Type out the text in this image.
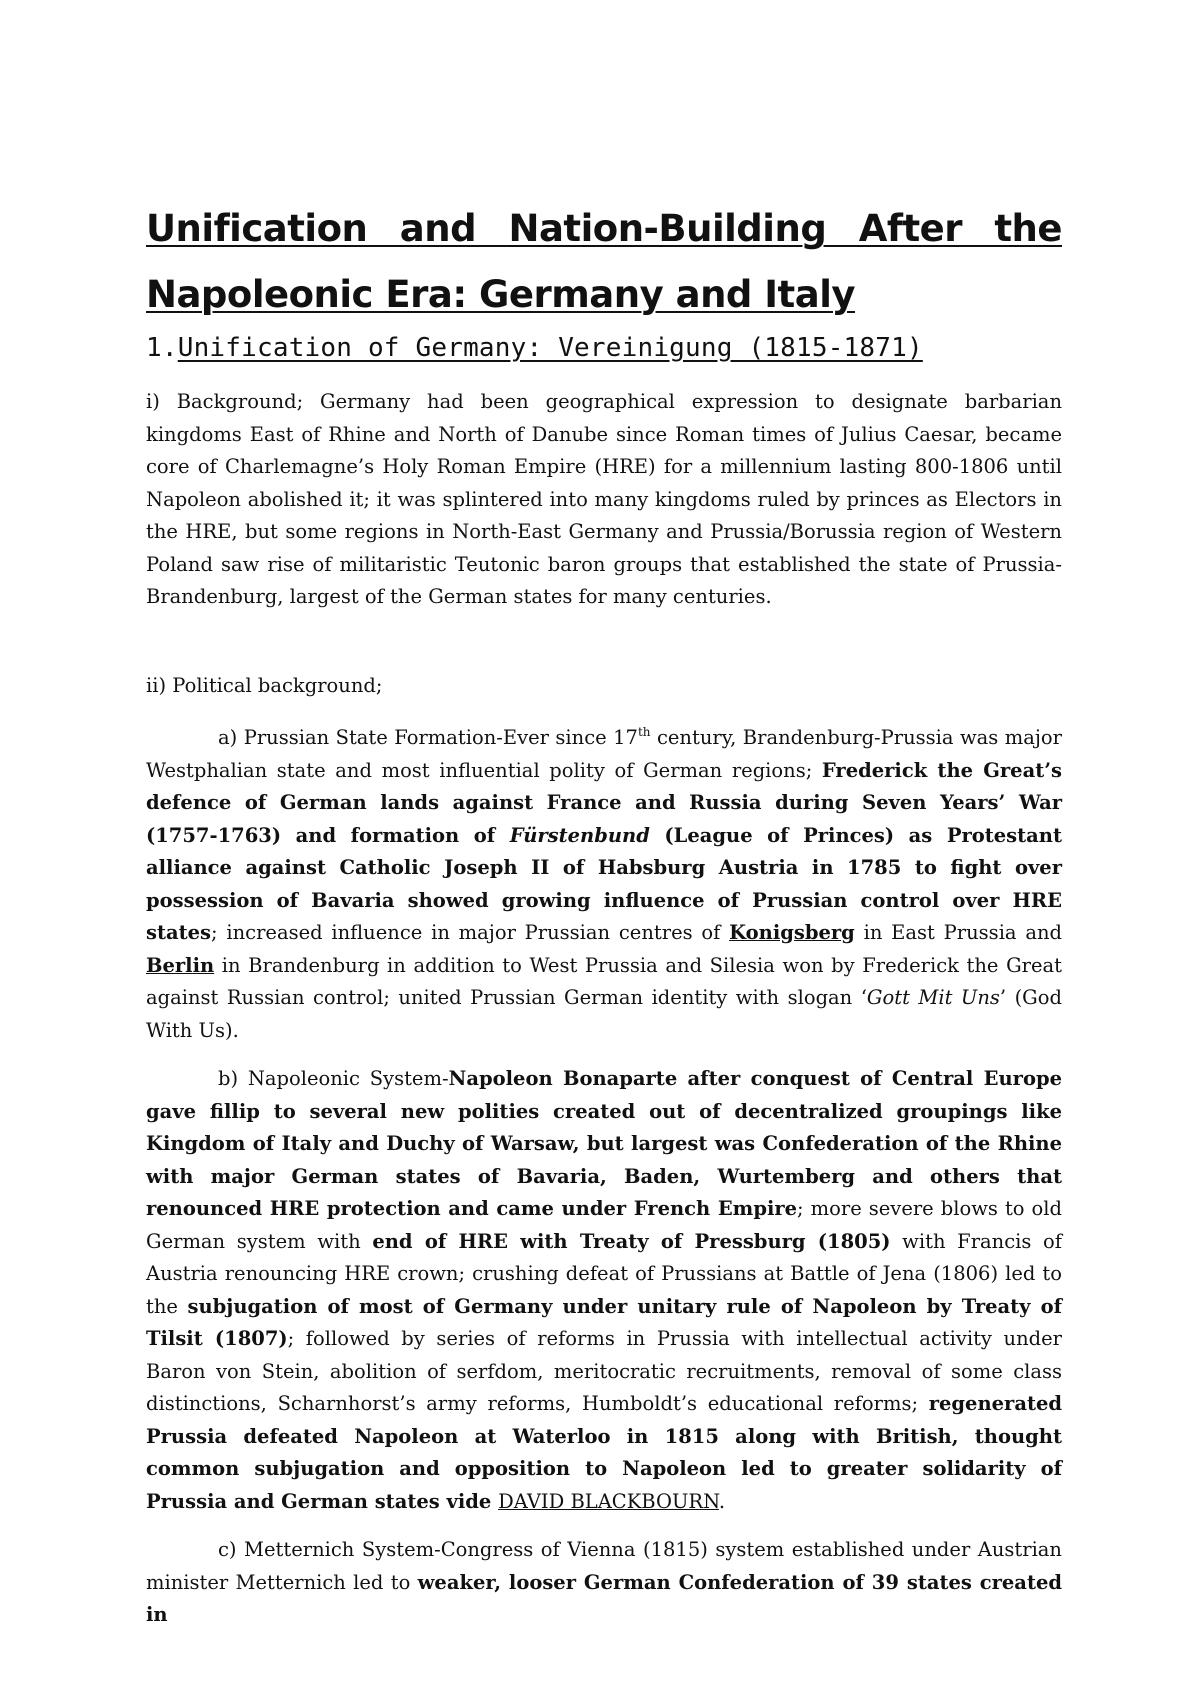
Unification and Nation-Building After the Napoleonic Era: Germany and Italy
1.Unification of Germany: Vereinigung (1815-1871)

i) Background; Germany had been geographical expression to designate barbarian kingdoms East of Rhine and North of Danube since Roman times of Julius Caesar, became core of Charlemagne’s Holy Roman Empire (HRE) for a millennium lasting 800-1806 until Napoleon abolished it; it was splintered into many kingdoms ruled by princes as Electors in the HRE, but some regions in North-East Germany and Prussia/Borussia region of Western Poland saw rise of militaristic Teutonic baron groups that established the state of Prussia-Brandenburg, largest of the German states for many centuries.

ii) Political background;

a) Prussian State Formation-Ever since 17th century, Brandenburg-Prussia was major Westphalian state and most influential polity of German regions; Frederick the Great’s defence of German lands against France and Russia during Seven Years’ War (1757-1763) and formation of Fürstenbund (League of Princes) as Protestant alliance against Catholic Joseph II of Habsburg Austria in 1785 to fight over possession of Bavaria showed growing influence of Prussian control over HRE states; increased influence in major Prussian centres of Konigsberg in East Prussia and Berlin in Brandenburg in addition to West Prussia and Silesia won by Frederick the Great against Russian control; united Prussian German identity with slogan ‘Gott Mit Uns’ (God With Us).

b) Napoleonic System-Napoleon Bonaparte after conquest of Central Europe gave fillip to several new polities created out of decentralized groupings like Kingdom of Italy and Duchy of Warsaw, but largest was Confederation of the Rhine with major German states of Bavaria, Baden, Wurtemberg and others that renounced HRE protection and came under French Empire; more severe blows to old German system with end of HRE with Treaty of Pressburg (1805) with Francis of Austria renouncing HRE crown; crushing defeat of Prussians at Battle of Jena (1806) led to the subjugation of most of Germany under unitary rule of Napoleon by Treaty of Tilsit (1807); followed by series of reforms in Prussia with intellectual activity under Baron von Stein, abolition of serfdom, meritocratic recruitments, removal of some class distinctions, Scharnhorst’s army reforms, Humboldt’s educational reforms; regenerated Prussia defeated Napoleon at Waterloo in 1815 along with British, thought common subjugation and opposition to Napoleon led to greater solidarity of Prussia and German states vide DAVID BLACKBOURN.

c) Metternich System-Congress of Vienna (1815) system established under Austrian minister Metternich led to weaker, looser German Confederation of 39 states created in
